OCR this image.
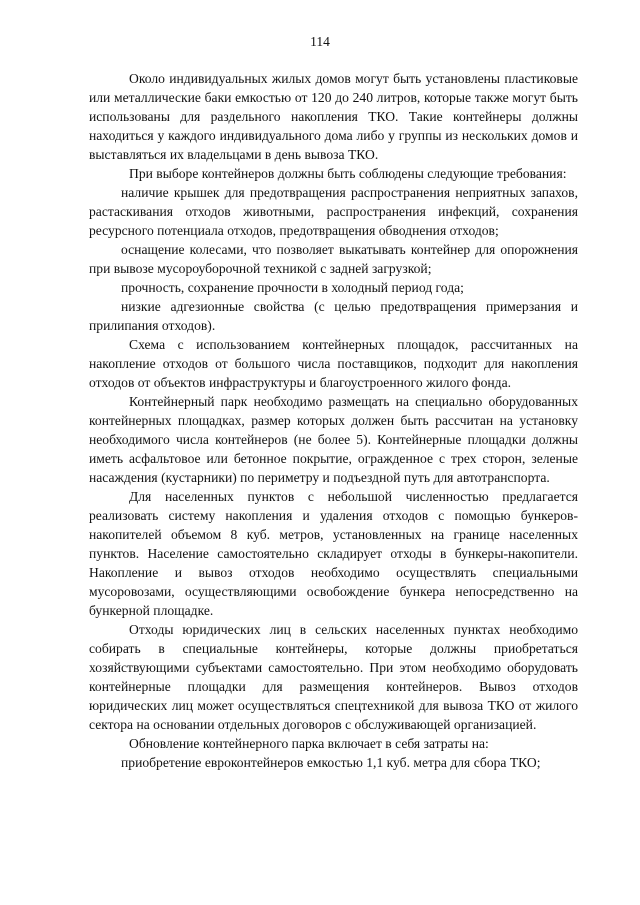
114

Около индивидуальных жилых домов могут быть установлены пластиковые или металлические баки емкостью от 120 до 240 литров, которые также могут быть использованы для раздельного накопления ТКО. Такие контейнеры должны находиться у каждого индивидуального дома либо у группы из нескольких домов и выставляться их владельцами в день вывоза ТКО.

При выборе контейнеров должны быть соблюдены следующие требования:

наличие крышек для предотвращения распространения неприятных запахов, растаскивания отходов животными, распространения инфекций, сохранения ресурсного потенциала отходов, предотвращения обводнения отходов;

оснащение колесами, что позволяет выкатывать контейнер для опорожнения при вывозе мусороуборочной техникой с задней загрузкой;

прочность, сохранение прочности в холодный период года;

низкие адгезионные свойства (с целью предотвращения примерзания и прилипания отходов).

Схема с использованием контейнерных площадок, рассчитанных на накопление отходов от большого числа поставщиков, подходит для накопления отходов от объектов инфраструктуры и благоустроенного жилого фонда.

Контейнерный парк необходимо размещать на специально оборудованных контейнерных площадках, размер которых должен быть рассчитан на установку необходимого числа контейнеров (не более 5). Контейнерные площадки должны иметь асфальтовое или бетонное покрытие, огражденное с трех сторон, зеленые насаждения (кустарники) по периметру и подъездной путь для автотранспорта.

Для населенных пунктов с небольшой численностью предлагается реализовать систему накопления и удаления отходов с помощью бункеров-накопителей объемом 8 куб. метров, установленных на границе населенных пунктов. Население самостоятельно складирует отходы в бункеры-накопители. Накопление и вывоз отходов необходимо осуществлять специальными мусоровозами, осуществляющими освобождение бункера непосредственно на бункерной площадке.

Отходы юридических лиц в сельских населенных пунктах необходимо собирать в специальные контейнеры, которые должны приобретаться хозяйствующими субъектами самостоятельно. При этом необходимо оборудовать контейнерные площадки для размещения контейнеров. Вывоз отходов юридических лиц может осуществляться спецтехникой для вывоза ТКО от жилого сектора на основании отдельных договоров с обслуживающей организацией.

Обновление контейнерного парка включает в себя затраты на:

приобретение евроконтейнеров емкостью 1,1 куб. метра для сбора ТКО;
